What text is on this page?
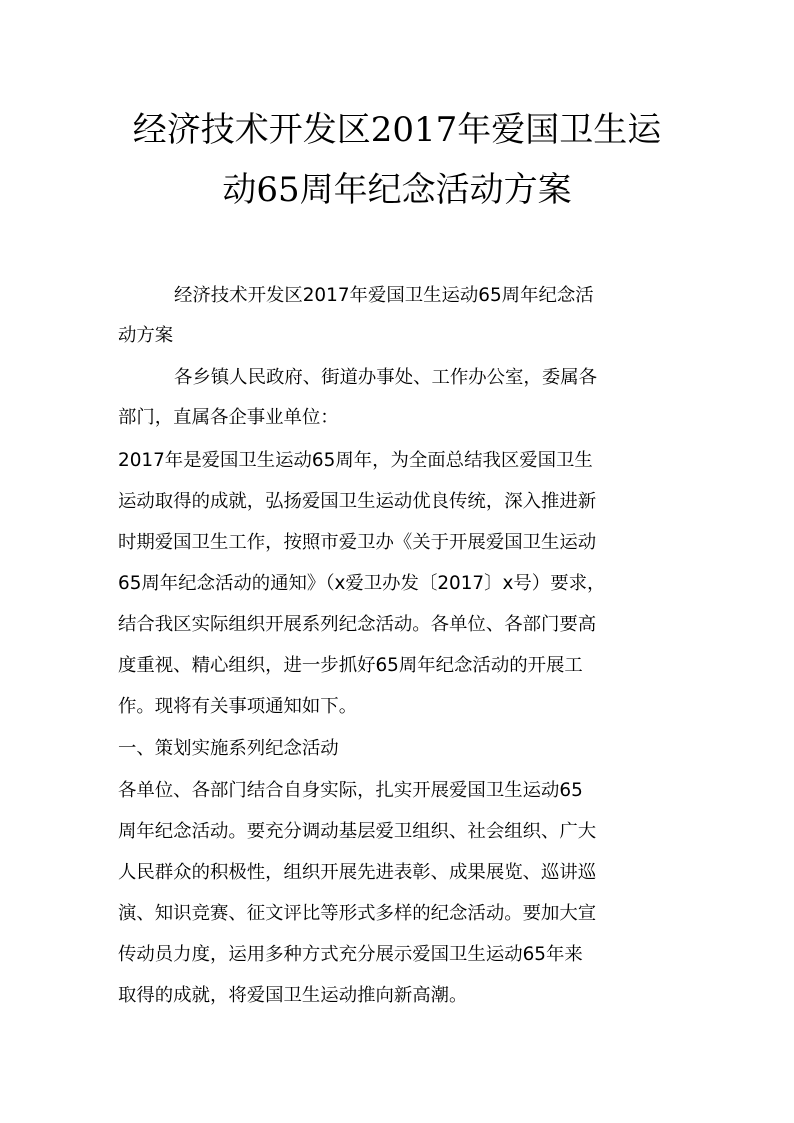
经济技术开发区2017年爱国卫生运
动65周年纪念活动方案

经济技术开发区2017年爱国卫生运动65周年纪念活

动方案

各乡镇人民政府、街道办事处、工作办公室，委属各

部门，直属各企事业单位：

2017年是爱国卫生运动65周年，为全面总结我区爱国卫生

运动取得的成就，弘扬爱国卫生运动优良传统，深入推进新

时期爱国卫生工作，按照市爱卫办《关于开展爱国卫生运动

65周年纪念活动的通知》（x爱卫办发〔2017〕x号）要求，

结合我区实际组织开展系列纪念活动。各单位、各部门要高

度重视、精心组织，进一步抓好65周年纪念活动的开展工

作。现将有关事项通知如下。

一、策划实施系列纪念活动

各单位、各部门结合自身实际，扎实开展爱国卫生运动65

周年纪念活动。要充分调动基层爱卫组织、社会组织、广大

人民群众的积极性，组织开展先进表彰、成果展览、巡讲巡

演、知识竞赛、征文评比等形式多样的纪念活动。要加大宣

传动员力度，运用多种方式充分展示爱国卫生运动65年来

取得的成就，将爱国卫生运动推向新高潮。
